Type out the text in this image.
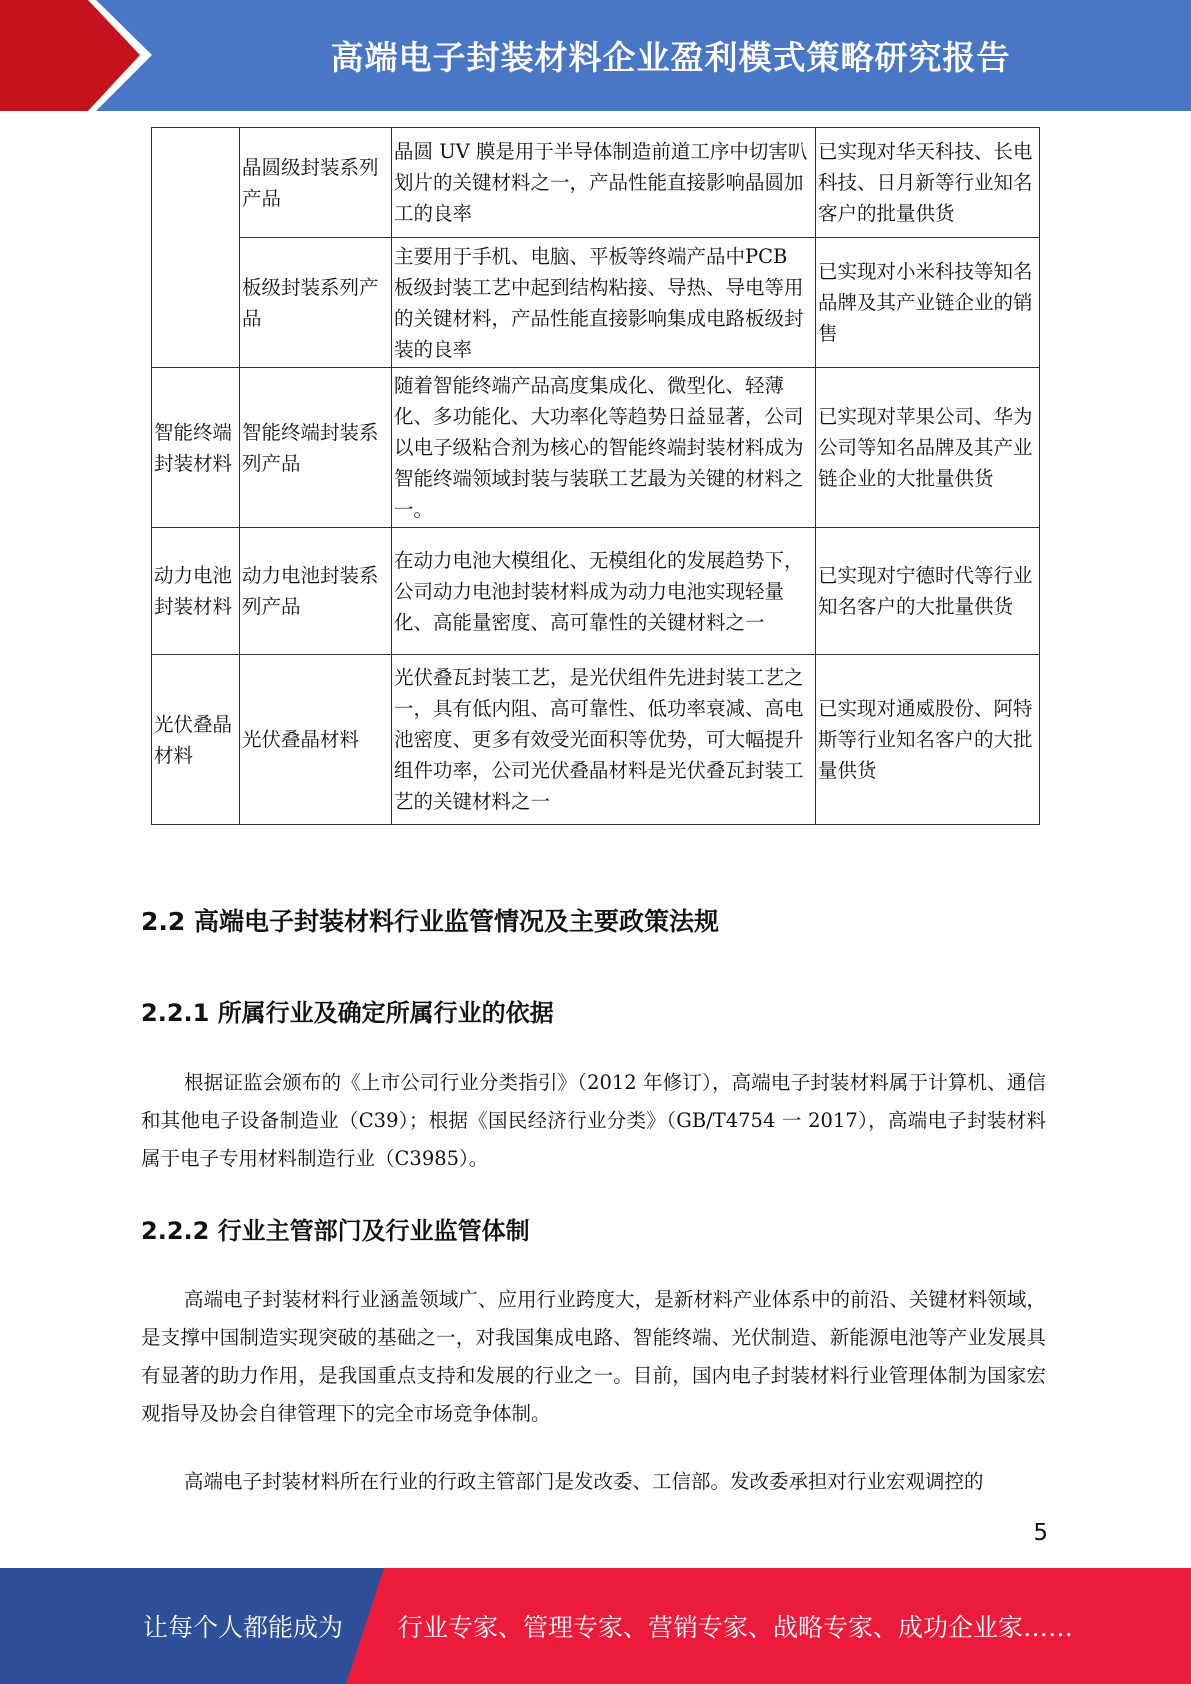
高端电子封装材料企业盈利模式策略研究报告
	晶圆级封装系列产品	晶圆 UV 膜是用于半导体制造前道工序中切害叭划片的关键材料之一，产品性能直接影响晶圆加工的良率	已实现对华天科技、长电科技、日月新等行业知名客户的批量供货
	板级封装系列产品	主要用于手机、电脑、平板等终端产品中PCB 板级封装工艺中起到结构粘接、导热、导电等用的关键材料，产品性能直接影响集成电路板级封装的良率	已实现对小米科技等知名品牌及其产业链企业的销售
智能终端封装材料	智能终端封装系列产品	随着智能终端产品高度集成化、微型化、轻薄化、多功能化、大功率化等趋势日益显著，公司以电子级粘合剂为核心的智能终端封装材料成为智能终端领域封装与装联工艺最为关键的材料之一。	已实现对苹果公司、华为公司等知名品牌及其产业链企业的大批量供货
动力电池封装材料	动力电池封装系列产品	在动力电池大模组化、无模组化的发展趋势下，公司动力电池封装材料成为动力电池实现轻量化、高能量密度、高可靠性的关键材料之一	已实现对宁德时代等行业知名客户的大批量供货
光伏叠晶材料	光伏叠晶材料	光伏叠瓦封装工艺，是光伏组件先进封装工艺之一，具有低内阻、高可靠性、低功率衰减、高电池密度、更多有效受光面积等优势，可大幅提升组件功率，公司光伏叠晶材料是光伏叠瓦封装工艺的关键材料之一	已实现对通威股份、阿特斯等行业知名客户的大批量供货
2.2 高端电子封装材料行业监管情况及主要政策法规
2.2.1 所属行业及确定所属行业的依据

根据证监会颁布的《上市公司行业分类指引》（2012 年修订），高端电子封装材料属于计算机、通信和其他电子设备制造业（C39）；根据《国民经济行业分类》（GB/T4754 一 2017），高端电子封装材料属于电子专用材料制造行业（C3985）。

2.2.2 行业主管部门及行业监管体制

高端电子封装材料行业涵盖领域广、应用行业跨度大，是新材料产业体系中的前沿、关键材料领域，是支撑中国制造实现突破的基础之一，对我国集成电路、智能终端、光伏制造、新能源电池等产业发展具有显著的助力作用，是我国重点支持和发展的行业之一。目前，国内电子封装材料行业管理体制为国家宏观指导及协会自律管理下的完全市场竞争体制。

高端电子封装材料所在行业的行政主管部门是发改委、工信部。发改委承担对行业宏观调控的

5
让每个人都能成为 行业专家、管理专家、营销专家、战略专家、成功企业家……
